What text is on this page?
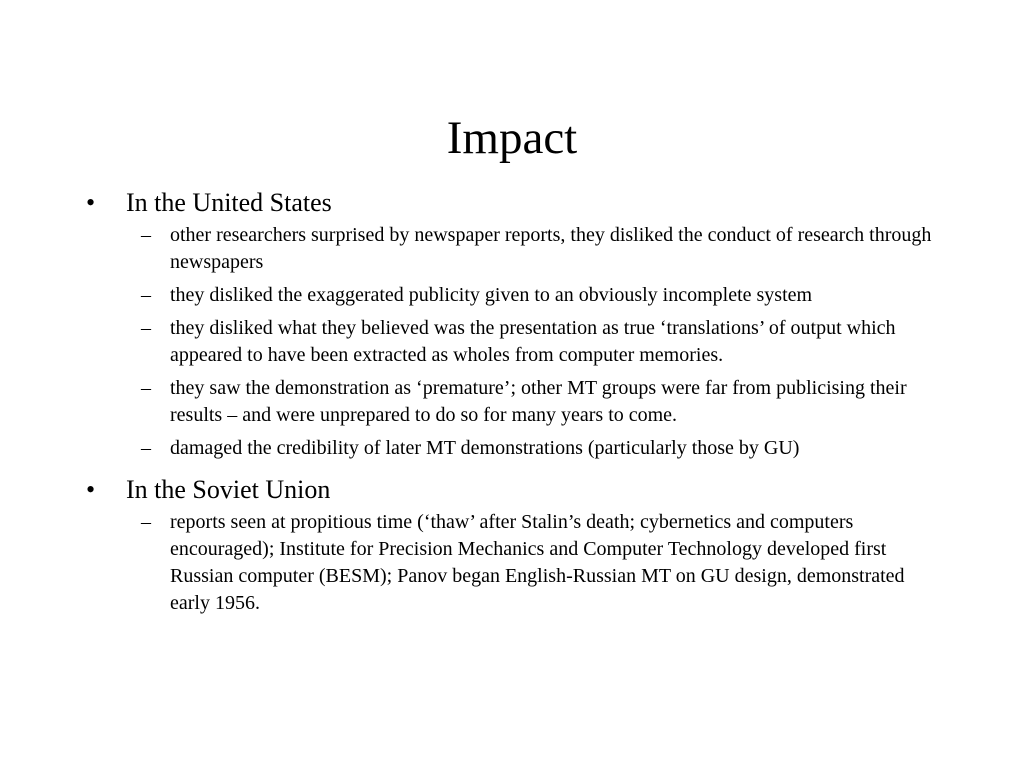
Impact
• In the United States
– other researchers surprised by newspaper reports, they disliked the conduct of research through newspapers
– they disliked the exaggerated publicity given to an obviously incomplete system
– they disliked what they believed was the presentation as true ‘translations’ of output which appeared to have been extracted as wholes from computer memories.
– they saw the demonstration as ‘premature’; other MT groups were far from publicising their results – and were unprepared to do so for many years to come.
– damaged the credibility of later MT demonstrations (particularly those by GU)
• In the Soviet Union
– reports seen at propitious time (‘thaw’ after Stalin’s death; cybernetics and computers encouraged); Institute for Precision Mechanics and Computer Technology developed first Russian computer (BESM); Panov began English-Russian MT on GU design, demonstrated early 1956.
